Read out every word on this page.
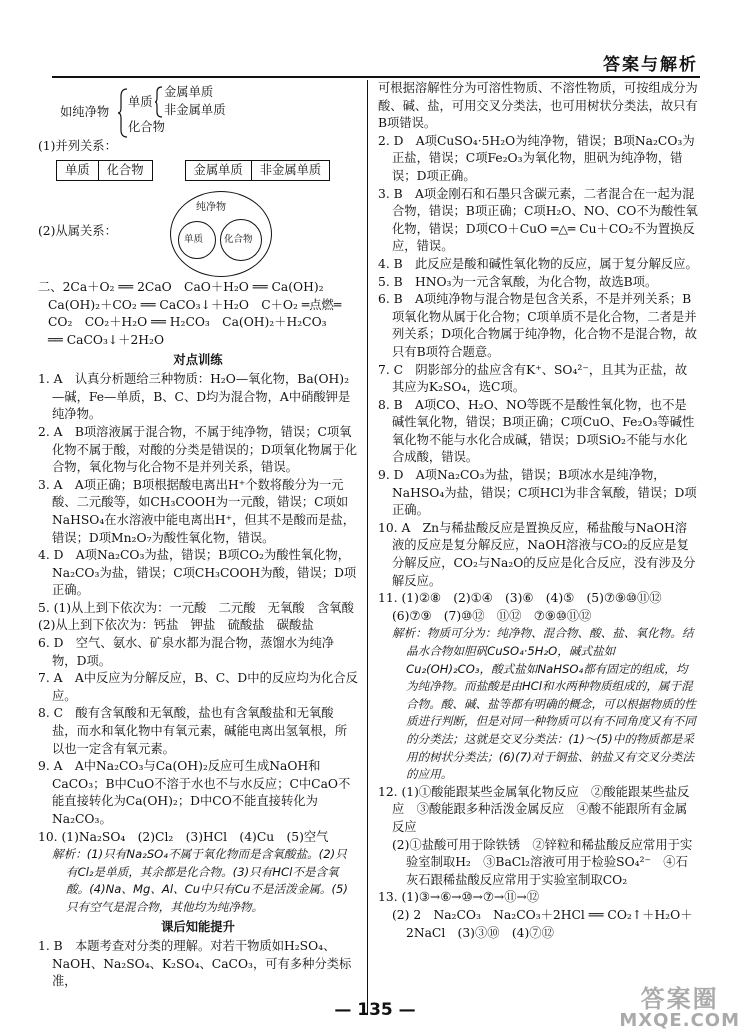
答案与解析
如纯净物
单质
化合物
金属单质
非金属单质

(1)并列关系：

单质	化合物	金属单质	非金属单质
(2)从属关系：
纯净物
单质 化合物

二、2Ca＋O₂ ══ 2CaO　CaO＋H₂O ══ Ca(OH)₂

Ca(OH)₂＋CO₂ ══ CaCO₃↓＋H₂O　C＋O₂ ═点燃═

CO₂　CO₂＋H₂O ══ H₂CO₃　Ca(OH)₂＋H₂CO₃

══ CaCO₃↓＋2H₂O

对点训练

1. A　认真分析题给三种物质：H₂O—氧化物，Ba(OH)₂—碱，Fe—单质，B、C、D均为混合物，A中硝酸钾是纯净物。

2. A　B项溶液属于混合物，不属于纯净物，错误；C项氧化物不属于酸，对酸的分类是错误的；D项氧化物属于化合物，氧化物与化合物不是并列关系，错误。

3. A　A项正确；B项根据酸电离出H⁺个数将酸分为一元酸、二元酸等，如CH₃COOH为一元酸，错误；C项如NaHSO₄在水溶液中能电离出H⁺，但其不是酸而是盐，错误；D项Mn₂O₇为酸性氧化物，错误。

4. D　A项Na₂CO₃为盐，错误；B项CO₂为酸性氧化物，Na₂CO₃为盐，错误；C项CH₃COOH为酸，错误；D项正确。

5. (1)从上到下依次为：一元酸　二元酸　无氧酸　含氧酸

(2)从上到下依次为：钙盐　钾盐　硫酸盐　碳酸盐

6. D　空气、氨水、矿泉水都为混合物，蒸馏水为纯净物，D项。

7. A　A中反应为分解反应，B、C、D中的反应均为化合反应。

8. C　酸有含氧酸和无氧酸，盐也有含氧酸盐和无氧酸盐，而水和氧化物中有氧元素，碱能电离出氢氧根，所以也一定含有氧元素。

9. A　A中Na₂CO₃与Ca(OH)₂反应可生成NaOH和CaCO₃；B中CuO不溶于水也不与水反应；C中CaO不能直接转化为Ca(OH)₂；D中CO不能直接转化为Na₂CO₃。

10. (1)Na₂SO₄　(2)Cl₂　(3)HCl　(4)Cu　(5)空气

解析：(1)只有Na₂SO₄不属于氧化物而是含氧酸盐。(2)只有Cl₂是单质，其余都是化合物。(3)只有HCl不是含氧酸。(4)Na、Mg、Al、Cu中只有Cu不是活泼金属。(5)只有空气是混合物，其他均为纯净物。

课后知能提升

1. B　本题考查对分类的理解。对若干物质如H₂SO₄、NaOH、Na₂SO₄、K₂SO₄、CaCO₃，可有多种分类标准，

可根据溶解性分为可溶性物质、不溶性物质，可按组成分为酸、碱、盐，可用交叉分类法，也可用树状分类法，故只有B项错误。

2. D　A项CuSO₄·5H₂O为纯净物，错误；B项Na₂CO₃为正盐，错误；C项Fe₂O₃为氧化物，胆矾为纯净物，错误；D项正确。

3. B　A项金刚石和石墨只含碳元素，二者混合在一起为混合物，错误；B项正确；C项H₂O、NO、CO不为酸性氧化物，错误；D项CO＋CuO ═△═ Cu＋CO₂不为置换反应，错误。

4. B　此反应是酸和碱性氧化物的反应，属于复分解反应。

5. B　HNO₃为一元含氧酸，为化合物，故选B项。

6. B　A项纯净物与混合物是包含关系，不是并列关系；B项氧化物从属于化合物；C项单质不是化合物，二者是并列关系；D项化合物属于纯净物，化合物不是混合物，故只有B项符合题意。

7. C　阴影部分的盐应含有K⁺、SO₄²⁻，且其为正盐，故其应为K₂SO₄，选C项。

8. B　A项CO、H₂O、NO等既不是酸性氧化物，也不是碱性氧化物，错误；B项正确；C项CuO、Fe₂O₃等碱性氧化物不能与水化合成碱，错误；D项SiO₂不能与水化合成酸，错误。

9. D　A项Na₂CO₃为盐，错误；B项冰水是纯净物，NaHSO₄为盐，错误；C项HCl为非含氧酸，错误；D项正确。

10. A　Zn与稀盐酸反应是置换反应，稀盐酸与NaOH溶液的反应是复分解反应，NaOH溶液与CO₂的反应是复分解反应，CO₂与Na₂O的反应是化合反应，没有涉及分解反应。

11. (1)②⑧　(2)①④　(3)⑥　(4)⑤　(5)⑦⑨⑩⑪⑫　(6)⑦⑨　(7)⑩⑫　⑪⑫　⑦⑨⑩⑪⑫

解析：物质可分为：纯净物、混合物、酸、盐、氧化物。结晶水合物如胆矾CuSO₄·5H₂O，碱式盐如Cu₂(OH)₂CO₃，酸式盐如NaHSO₄都有固定的组成，均为纯净物。而盐酸是由HCl和水两种物质组成的，属于混合物。酸、碱、盐等都有明确的概念，可以根据物质的性质进行判断，但是对同一种物质可以有不同角度又有不同的分类法；这就是交叉分类法：(1)～(5)中的物质都是采用的树状分类法；(6)(7)对于铜盐、钠盐又有交叉分类法的应用。

12. (1)①酸能跟某些金属氧化物反应　②酸能跟某些盐反应　③酸能跟多种活泼金属反应　④酸不能跟所有金属反应

(2)①盐酸可用于除铁锈　②锌粒和稀盐酸反应常用于实验室制取H₂　③BaCl₂溶液可用于检验SO₄²⁻　④石灰石跟稀盐酸反应常用于实验室制取CO₂

13. (1)③→⑥→⑩→⑦→⑪→⑫

(2) 2　Na₂CO₃　Na₂CO₃＋2HCl ══ CO₂↑＋H₂O＋2NaCl　(3)③⑩　(4)⑦⑫

— 135 —	答案圈
MXQE.COM
